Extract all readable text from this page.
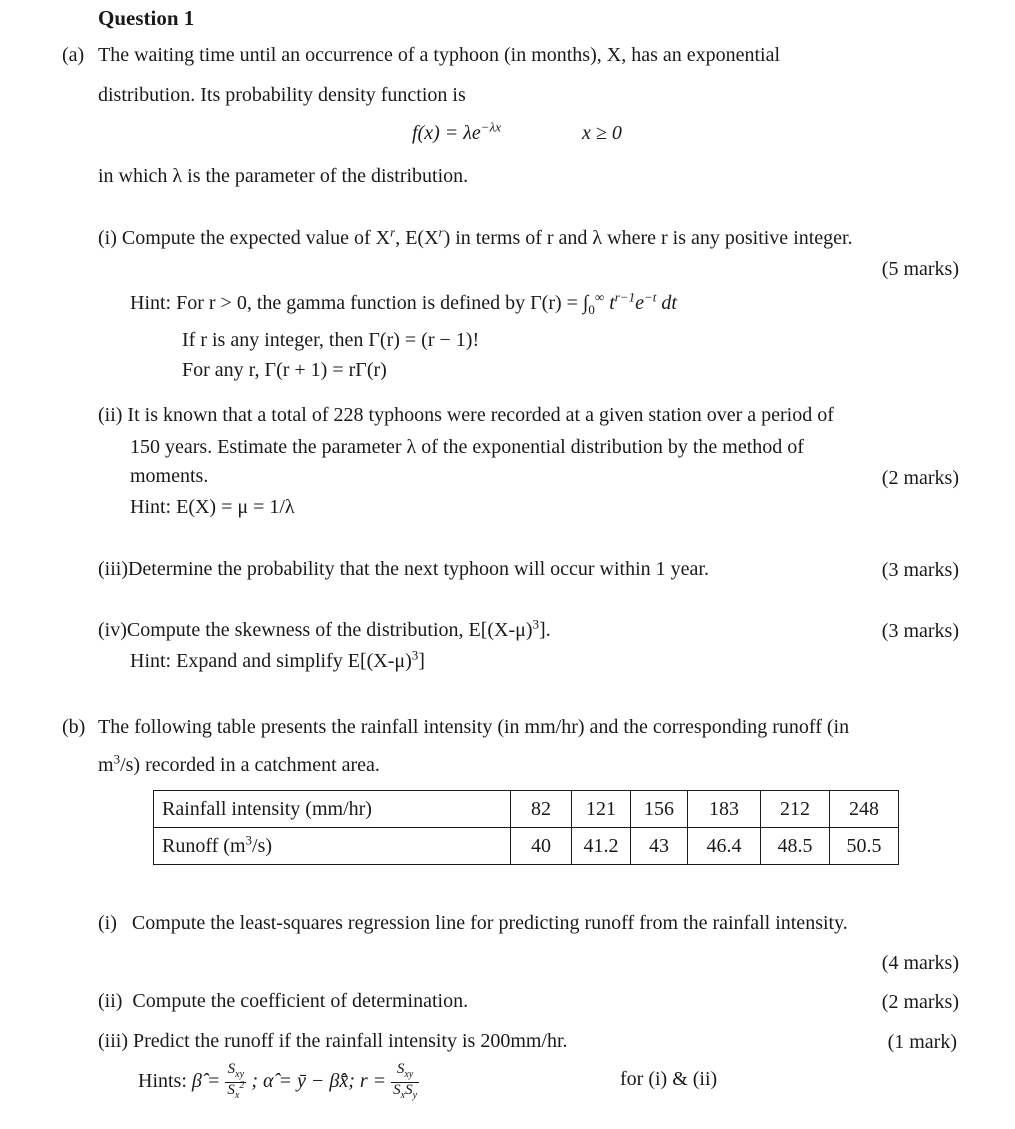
Question 1
(a) The waiting time until an occurrence of a typhoon (in months), X, has an exponential
distribution. Its probability density function is
$f(x) = \lambda e^{-\lambda x}$	x ≥ 0
in which λ is the parameter of the distribution.
(i) Compute the expected value of $X^r$, $E(X^r)$ in terms of r and λ where r is any positive integer.
(5 marks)
Hint: For r > 0, the gamma function is defined by $\Gamma(r) = \int_0^\infty$ $t^{r-1}e^{-t}$ dt
If r is any integer, then Γ(r) = (r − 1)!
For any r, Γ(r + 1) = rΓ(r)
(ii) It is known that a total of 228 typhoons were recorded at a given station over a period of
150 years. Estimate the parameter λ of the exponential distribution by the method of
moments.	(2 marks)
Hint: E(X) = μ = 1/λ
(iii)Determine the probability that the next typhoon will occur within 1 year.	(3 marks)
(iv)Compute the skewness of the distribution, $E[(X-\mu)^3]$.	(3 marks)
Hint: Expand and simplify $E[(X-\mu)^3]$
(b) The following table presents the rainfall intensity (in mm/hr) and the corresponding runoff (in
$m^3/s$) recorded in a catchment area.
Rainfall intensity (mm/hr)	82	121	156	183	212	248
Runoff $(m^3/s)$	40	41.2	43	46.4	48.5	50.5
(i)   Compute the least-squares regression line for predicting runoff from the rainfall intensity.
(4 marks)
(ii)  Compute the coefficient of determination.	(2 marks)
(iii) Predict the runoff if the rainfall intensity is 200mm/hr.	(1 mark)
Hints: β̂ = $\frac{S_{xy}}{S_x^2}$ ; α̂ = ȳ − β̂x̄; $r = \frac{S_{xy}}{S_xS_y}$	for (i) & (ii)
